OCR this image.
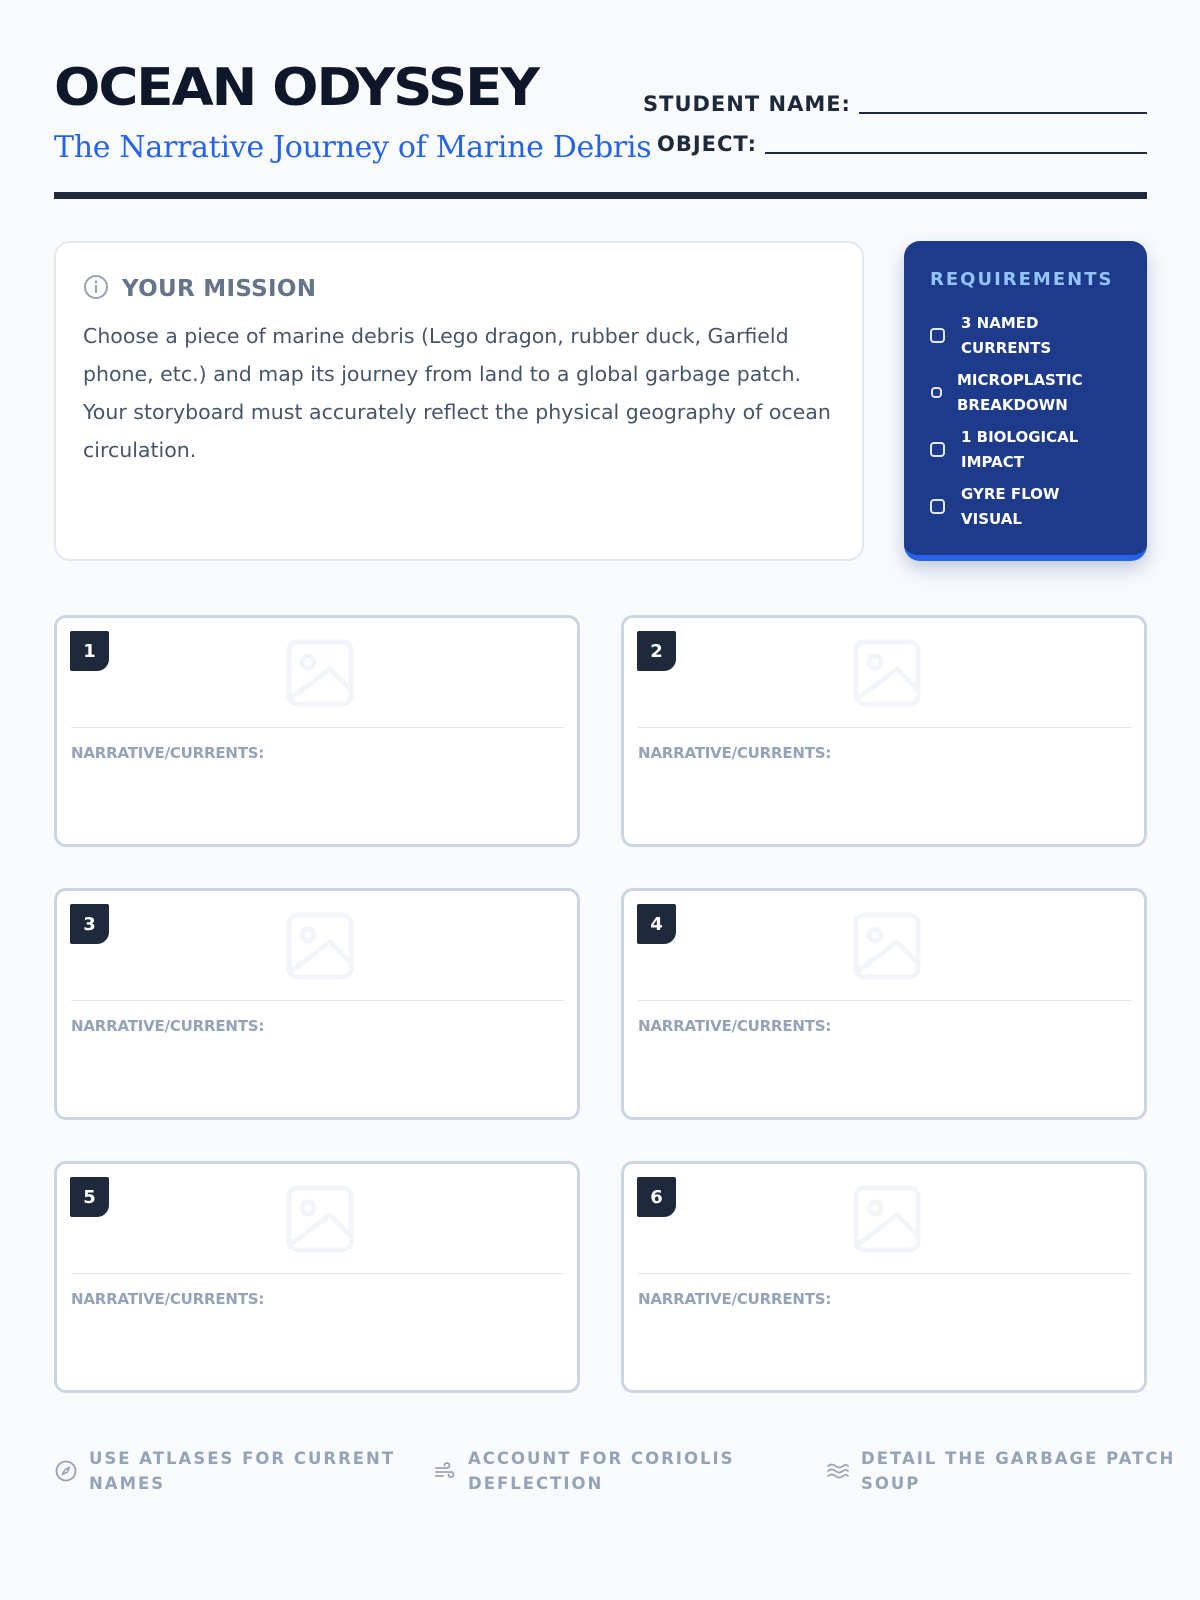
OCEAN ODYSSEY
The Narrative Journey of Marine Debris
STUDENT NAME:
OBJECT:
YOUR MISSION

Choose a piece of marine debris (Lego dragon, rubber duck, Garfield phone, etc.) and map its journey from land to a global garbage patch. Your storyboard must accurately reflect the physical geography of ocean circulation.

REQUIREMENTS
3 NAMED
CURRENTS
MICROPLASTIC
BREAKDOWN
1 BIOLOGICAL
IMPACT
GYRE FLOW
VISUAL
1
NARRATIVE/CURRENTS:
2
NARRATIVE/CURRENTS:
3
NARRATIVE/CURRENTS:
4
NARRATIVE/CURRENTS:
5
NARRATIVE/CURRENTS:
6
NARRATIVE/CURRENTS:
USE ATLASES FOR CURRENT
NAMES
ACCOUNT FOR CORIOLIS
DEFLECTION
DETAIL THE GARBAGE PATCH
SOUP
